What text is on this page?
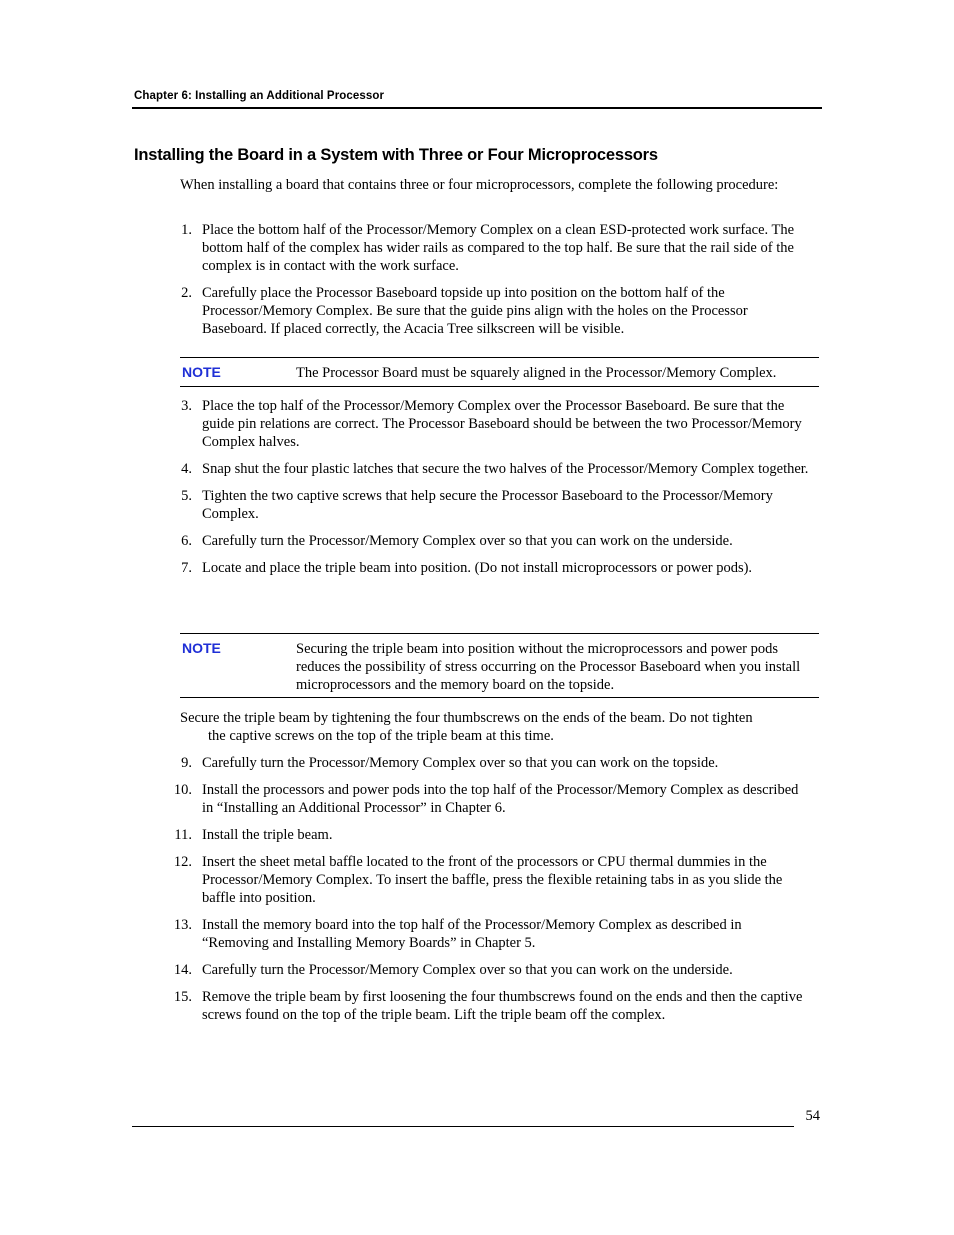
Chapter 6: Installing an Additional Processor
Installing the Board in a System with Three or Four Microprocessors
When installing a board that contains three or four microprocessors, complete the following procedure:
1. Place the bottom half of the Processor/Memory Complex on a clean ESD-protected work surface. The bottom half of the complex has wider rails as compared to the top half. Be sure that the rail side of the complex is in contact with the work surface.
2. Carefully place the Processor Baseboard topside up into position on the bottom half of the Processor/Memory Complex. Be sure that the guide pins align with the holes on the Processor Baseboard. If placed correctly, the Acacia Tree silkscreen will be visible.
NOTE	The Processor Board must be squarely aligned in the Processor/Memory Complex.
3. Place the top half of the Processor/Memory Complex over the Processor Baseboard. Be sure that the guide pin relations are correct. The Processor Baseboard should be between the two Processor/Memory Complex halves.
4. Snap shut the four plastic latches that secure the two halves of the Processor/Memory Complex together.
5. Tighten the two captive screws that help secure the Processor Baseboard to the Processor/Memory Complex.
6. Carefully turn the Processor/Memory Complex over so that you can work on the underside.
7. Locate and place the triple beam into position. (Do not install microprocessors or power pods).
NOTE	Securing the triple beam into position without the microprocessors and power pods reduces the possibility of stress occurring on the Processor Baseboard when you install microprocessors and the memory board on the topside.
Secure the triple beam by tightening the four thumbscrews on the ends of the beam. Do not tighten
the captive screws on the top of the triple beam at this time.
9. Carefully turn the Processor/Memory Complex over so that you can work on the topside.
10. Install the processors and power pods into the top half of the Processor/Memory Complex as described in “Installing an Additional Processor” in Chapter 6.
11. Install the triple beam.
12. Insert the sheet metal baffle located to the front of the processors or CPU thermal dummies in the Processor/Memory Complex. To insert the baffle, press the flexible retaining tabs in as you slide the baffle into position.
13. Install the memory board into the top half of the Processor/Memory Complex as described in “Removing and Installing Memory Boards” in Chapter 5.
14. Carefully turn the Processor/Memory Complex over so that you can work on the underside.
15. Remove the triple beam by first loosening the four thumbscrews found on the ends and then the captive screws found on the top of the triple beam. Lift the triple beam off the complex.
54
